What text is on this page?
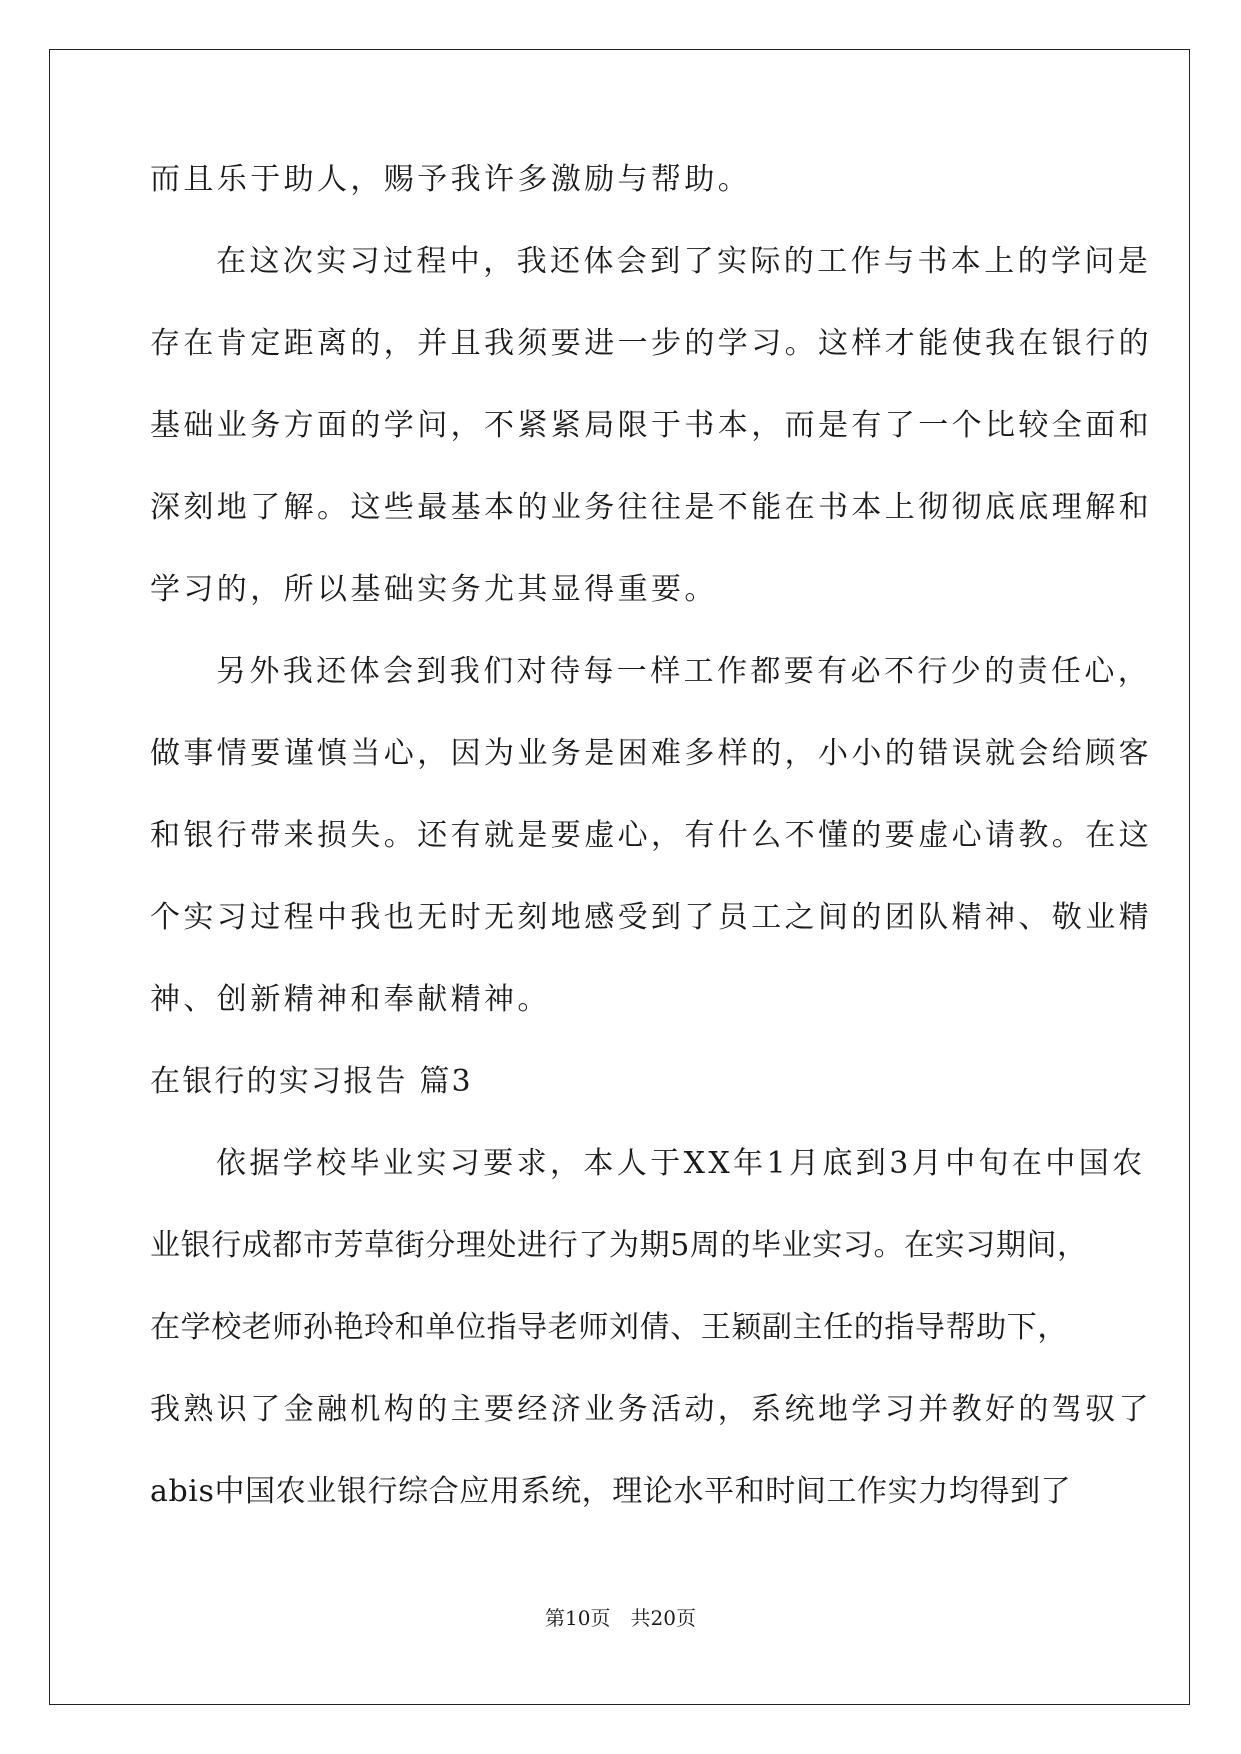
而且乐于助人，赐予我许多激励与帮助。
在这次实习过程中，我还体会到了实际的工作与书本上的学问是
存在肯定距离的，并且我须要进一步的学习。这样才能使我在银行的
基础业务方面的学问，不紧紧局限于书本，而是有了一个比较全面和
深刻地了解。这些最基本的业务往往是不能在书本上彻彻底底理解和
学习的，所以基础实务尤其显得重要。
另外我还体会到我们对待每一样工作都要有必不行少的责任心，
做事情要谨慎当心，因为业务是困难多样的，小小的错误就会给顾客
和银行带来损失。还有就是要虚心，有什么不懂的要虚心请教。在这
个实习过程中我也无时无刻地感受到了员工之间的团队精神、敬业精
神、创新精神和奉献精神。
在银行的实习报告 篇3
依据学校毕业实习要求，本人于XX年1月底到3月中旬在中国农
业银行成都市芳草街分理处进行了为期5周的毕业实习。在实习期间，
在学校老师孙艳玲和单位指导老师刘倩、王颖副主任的指导帮助下，
我熟识了金融机构的主要经济业务活动，系统地学习并教好的驾驭了
abis中国农业银行综合应用系统，理论水平和时间工作实力均得到了
第10页　共20页
